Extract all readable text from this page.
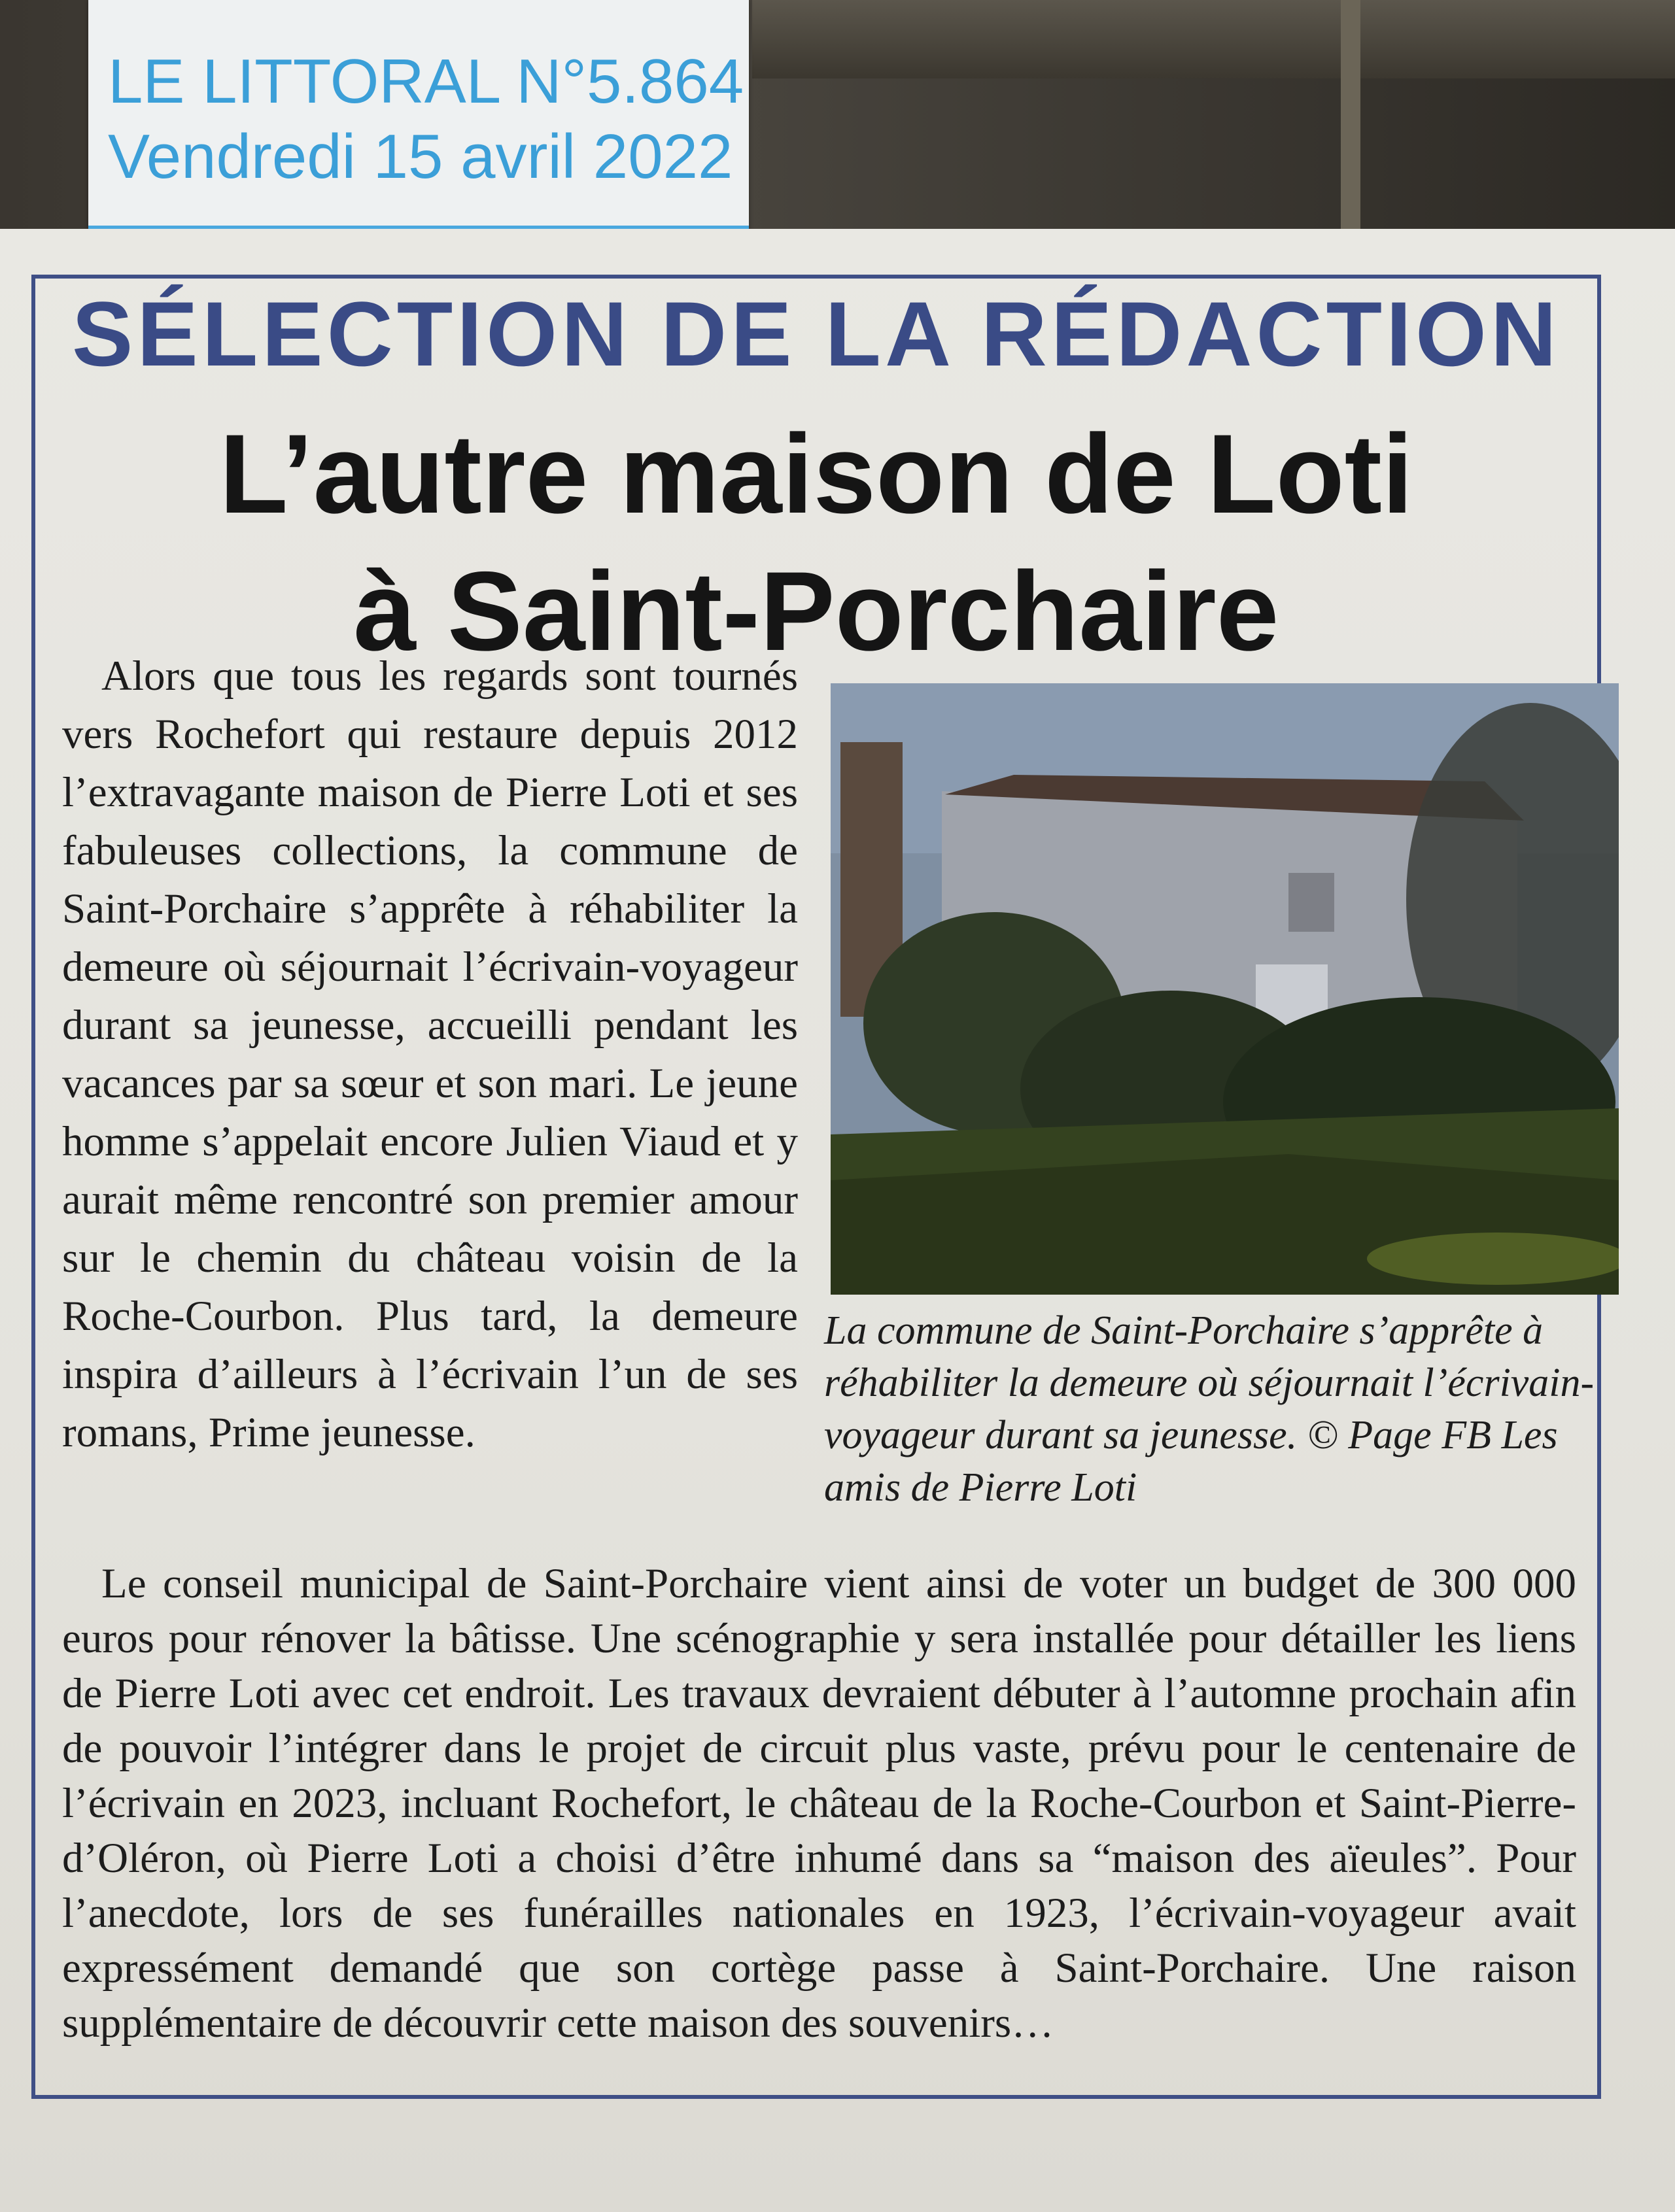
LE LITTORAL N°5.864
Vendredi 15 avril 2022
SÉLECTION DE LA RÉDACTION
L’autre maison de Loti
à Saint-Porchaire

Alors que tous les regards sont tournés vers Rochefort qui restaure depuis 2012 l’extravagante maison de Pierre Loti et ses fabuleuses collections, la commune de Saint-Porchaire s’apprête à réhabiliter la demeure où séjournait l’écrivain-voyageur durant sa jeunesse, accueilli pendant les vacances par sa sœur et son mari. Le jeune homme s’appelait encore Julien Viaud et y aurait même rencontré son premier amour sur le chemin du château voisin de la Roche-Courbon. Plus tard, la demeure inspira d’ailleurs à l’écrivain l’un de ses romans, Prime jeunesse.

La commune de Saint-Porchaire s’apprête à réhabiliter la demeure où séjournait l’écrivain-voyageur durant sa jeunesse. © Page FB Les amis de Pierre Loti

Le conseil municipal de Saint-Porchaire vient ainsi de voter un budget de 300 000 euros pour rénover la bâtisse. Une scénographie y sera installée pour détailler les liens de Pierre Loti avec cet endroit. Les travaux devraient débuter à l’automne prochain afin de pouvoir l’intégrer dans le projet de circuit plus vaste, prévu pour le centenaire de l’écrivain en 2023, incluant Rochefort, le château de la Roche-Courbon et Saint-Pierre-d’Oléron, où Pierre Loti a choisi d’être inhumé dans sa “maison des aïeules”. Pour l’anecdote, lors de ses funérailles nationales en 1923, l’écrivain-voyageur avait expressément demandé que son cortège passe à Saint-Porchaire. Une raison supplémentaire de découvrir cette maison des souvenirs…
